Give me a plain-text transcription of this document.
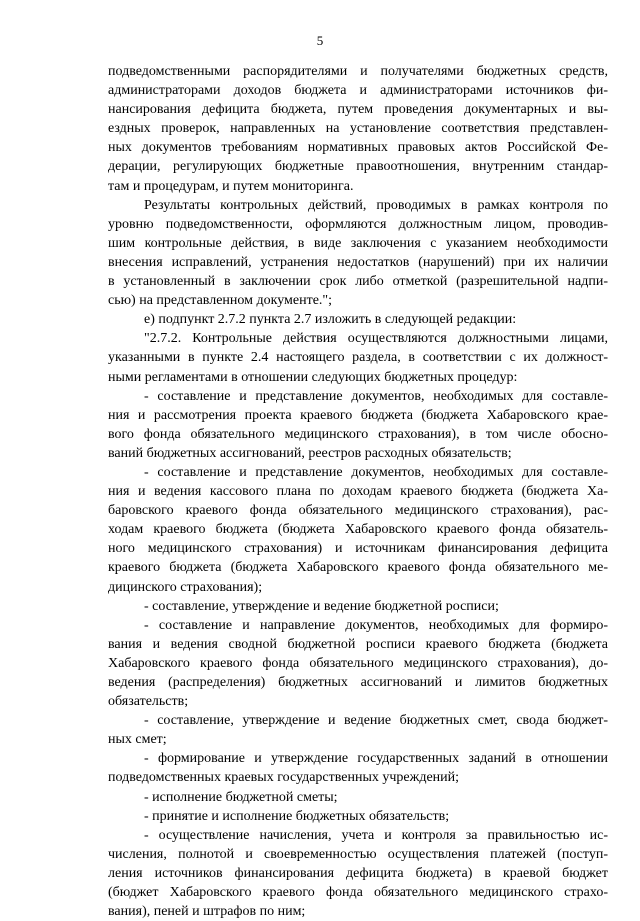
5
подведомственными распорядителями и получателями бюджетных средств,
администраторами доходов бюджета и администраторами источников фи-
нансирования дефицита бюджета, путем проведения документарных и вы-
ездных проверок, направленных на установление соответствия представлен-
ных документов требованиям нормативных правовых актов Российской Фе-
дерации, регулирующих бюджетные правоотношения, внутренним стандар-
там и процедурам, и путем мониторинга.
Результаты контрольных действий, проводимых в рамках контроля по
уровню подведомственности, оформляются должностным лицом, проводив-
шим контрольные действия, в виде заключения с указанием необходимости
внесения исправлений, устранения недостатков (нарушений) при их наличии
в установленный в заключении срок либо отметкой (разрешительной надпи-
сью) на представленном документе.";
е) подпункт 2.7.2 пункта 2.7 изложить в следующей редакции:
"2.7.2. Контрольные действия осуществляются должностными лицами,
указанными в пункте 2.4 настоящего раздела, в соответствии с их должност-
ными регламентами в отношении следующих бюджетных процедур:
- составление и представление документов, необходимых для составле-
ния и рассмотрения проекта краевого бюджета (бюджета Хабаровского крае-
вого фонда обязательного медицинского страхования), в том числе обосно-
ваний бюджетных ассигнований, реестров расходных обязательств;
- составление и представление документов, необходимых для составле-
ния и ведения кассового плана по доходам краевого бюджета (бюджета Ха-
баровского краевого фонда обязательного медицинского страхования), рас-
ходам краевого бюджета (бюджета Хабаровского краевого фонда обязатель-
ного медицинского страхования) и источникам финансирования дефицита
краевого бюджета (бюджета Хабаровского краевого фонда обязательного ме-
дицинского страхования);
- составление, утверждение и ведение бюджетной росписи;
- составление и направление документов, необходимых для формиро-
вания и ведения сводной бюджетной росписи краевого бюджета (бюджета
Хабаровского краевого фонда обязательного медицинского страхования), до-
ведения (распределения) бюджетных ассигнований и лимитов бюджетных
обязательств;
- составление, утверждение и ведение бюджетных смет, свода бюджет-
ных смет;
- формирование и утверждение государственных заданий в отношении
подведомственных краевых государственных учреждений;
- исполнение бюджетной сметы;
- принятие и исполнение бюджетных обязательств;
- осуществление начисления, учета и контроля за правильностью ис-
числения, полнотой и своевременностью осуществления платежей (поступ-
ления источников финансирования дефицита бюджета) в краевой бюджет
(бюджет Хабаровского краевого фонда обязательного медицинского страхо-
вания), пеней и штрафов по ним;
